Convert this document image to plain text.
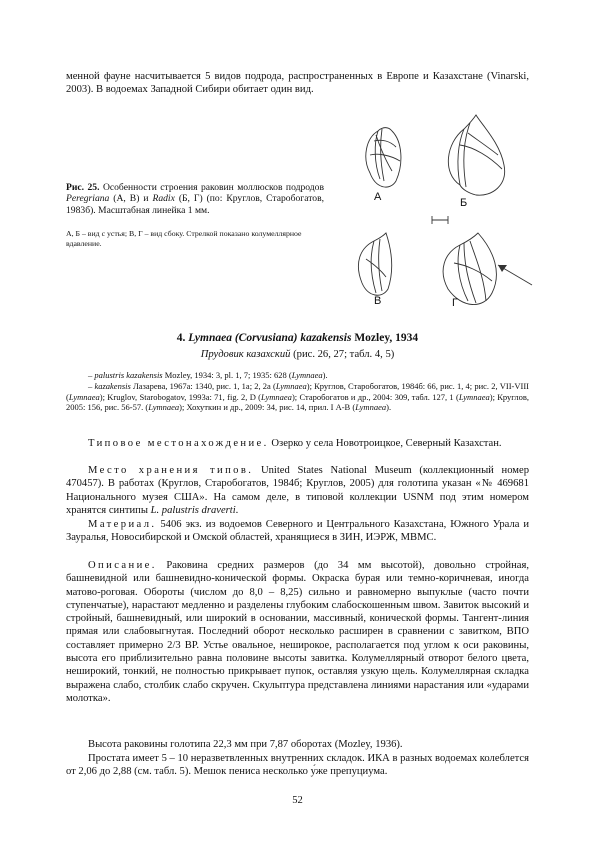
менной фауне насчитывается 5 видов подрода, распространенных в Европе и Казахстане (Vinarski, 2003). В водоемах Западной Сибири обитает один вид.

А	Б
В	Г

Рис. 25. Особенности строения раковин моллюсков подродов Peregriana (А, В) и Radix (Б, Г) (по: Круглов, Старобогатов, 1983б). Масштабная линейка 1 мм.

А, Б – вид с устья; В, Г – вид сбоку. Стрелкой показано колумеллярное вдавление.

4. Lymnaea (Corvusiana) kazakensis Mozley, 1934

Прудовик казахский (рис. 26, 27; табл. 4, 5)

– palustris kazakensis Mozley, 1934: 3, pl. 1, 7; 1935: 628 (Lymnaea).

– kazakensis Лазарева, 1967а: 1340, рис. 1, 1а; 2, 2а (Lymnaea); Круглов, Старобогатов, 1984б: 66, рис. 1, 4; рис. 2, VII-VIII (Lymnaea); Kruglov, Starobogatov, 1993а: 71, fig. 2, D (Lymnaea); Старобогатов и др., 2004: 309, табл. 127, 1 (Lymnaea); Круглов, 2005: 156, рис. 56-57. (Lymnaea); Хохуткин и др., 2009: 34, рис. 14, прил. I А-В (Lymnaea).

Типовое местонахождение. Озерко у села Новотроицкое, Северный Казахстан.

Место хранения типов. United States National Museum (коллекционный номер 470457). В работах (Круглов, Старобогатов, 1984б; Круглов, 2005) для голотипа указан «№ 469681 Национального музея США». На самом деле, в типовой коллекции USNM под этим номером хранятся синтипы L. palustris draverti.

Материал. 5406 экз. из водоемов Северного и Центрального Казахстана, Южного Урала и Зауралья, Новосибирской и Омской областей, хранящиеся в ЗИН, ИЭРЖ, МВМС.

Описание. Раковина средних размеров (до 34 мм высотой), довольно стройная, башневидной или башневидно-конической формы. Окраска бурая или темно-коричневая, иногда матово-роговая. Обороты (числом до 8,0 – 8,25) сильно и равномерно выпуклые (часто почти ступенчатые), нарастают медленно и разделены глубоким слабоскошенным швом. Завиток высокий и стройный, башневидный, или широкий в основании, массивный, конической формы. Тангент-линия прямая или слабовыгнутая. Последний оборот несколько расширен в сравнении с завитком, ВПО составляет примерно 2/3 ВР. Устье овальное, неширокое, располагается под углом к оси раковины, высота его приблизительно равна половине высоты завитка. Колумеллярный отворот белого цвета, неширокий, тонкий, не полностью прикрывает пупок, оставляя узкую щель. Колумеллярная складка выражена слабо, столбик слабо скручен. Скульптура представлена линиями нарастания или «ударами молотка».

Высота раковины голотипа 22,3 мм при 7,87 оборотах (Mozley, 1936).

Простата имеет 5 – 10 неразветвленных внутренних складок. ИКА в разных водоемах колеблется от 2,06 до 2,88 (см. табл. 5). Мешок пениса несколько у́же препуциума.

52
